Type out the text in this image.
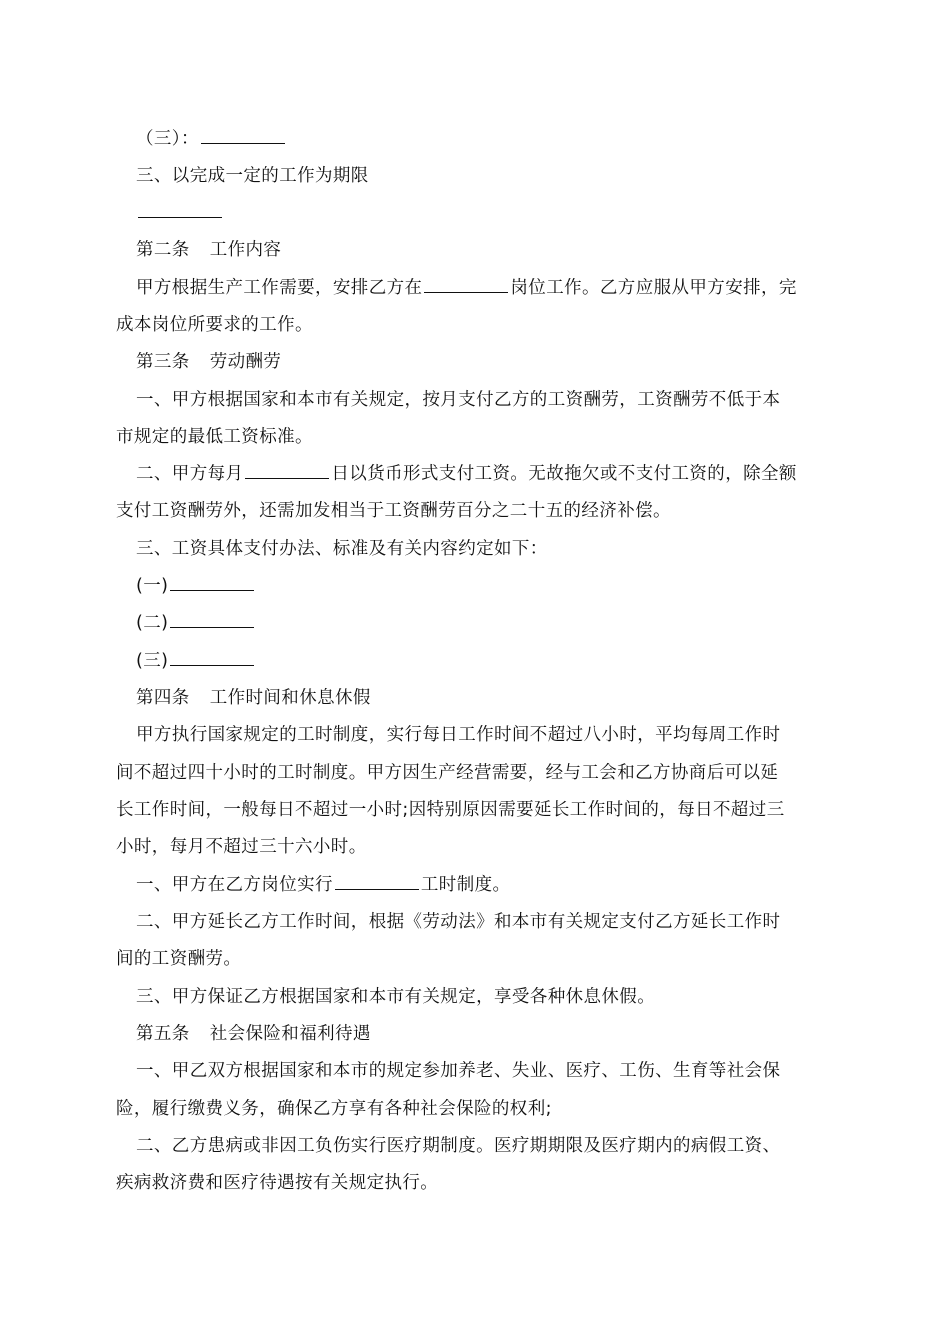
（三）：
三、以完成一定的工作为期限
第二条 工作内容
甲方根据生产工作需要，安排乙方在	岗位工作。乙方应服从甲方安排，完
成本岗位所要求的工作。
第三条 劳动酬劳
一、甲方根据国家和本市有关规定，按月支付乙方的工资酬劳，工资酬劳不低于本
市规定的最低工资标准。
二、甲方每月	日以货币形式支付工资。无故拖欠或不支付工资的，除全额
支付工资酬劳外，还需加发相当于工资酬劳百分之二十五的经济补偿。
三、工资具体支付办法、标准及有关内容约定如下：
(一)
(二)
(三)
第四条 工作时间和休息休假
甲方执行国家规定的工时制度，实行每日工作时间不超过八小时，平均每周工作时
间不超过四十小时的工时制度。甲方因生产经营需要，经与工会和乙方协商后可以延
长工作时间，一般每日不超过一小时;因特别原因需要延长工作时间的，每日不超过三
小时，每月不超过三十六小时。
一、甲方在乙方岗位实行	工时制度。
二、甲方延长乙方工作时间，根据《劳动法》和本市有关规定支付乙方延长工作时
间的工资酬劳。
三、甲方保证乙方根据国家和本市有关规定，享受各种休息休假。
第五条 社会保险和福利待遇
一、甲乙双方根据国家和本市的规定参加养老、失业、医疗、工伤、生育等社会保
险，履行缴费义务，确保乙方享有各种社会保险的权利;
二、乙方患病或非因工负伤实行医疗期制度。医疗期期限及医疗期内的病假工资、
疾病救济费和医疗待遇按有关规定执行。
